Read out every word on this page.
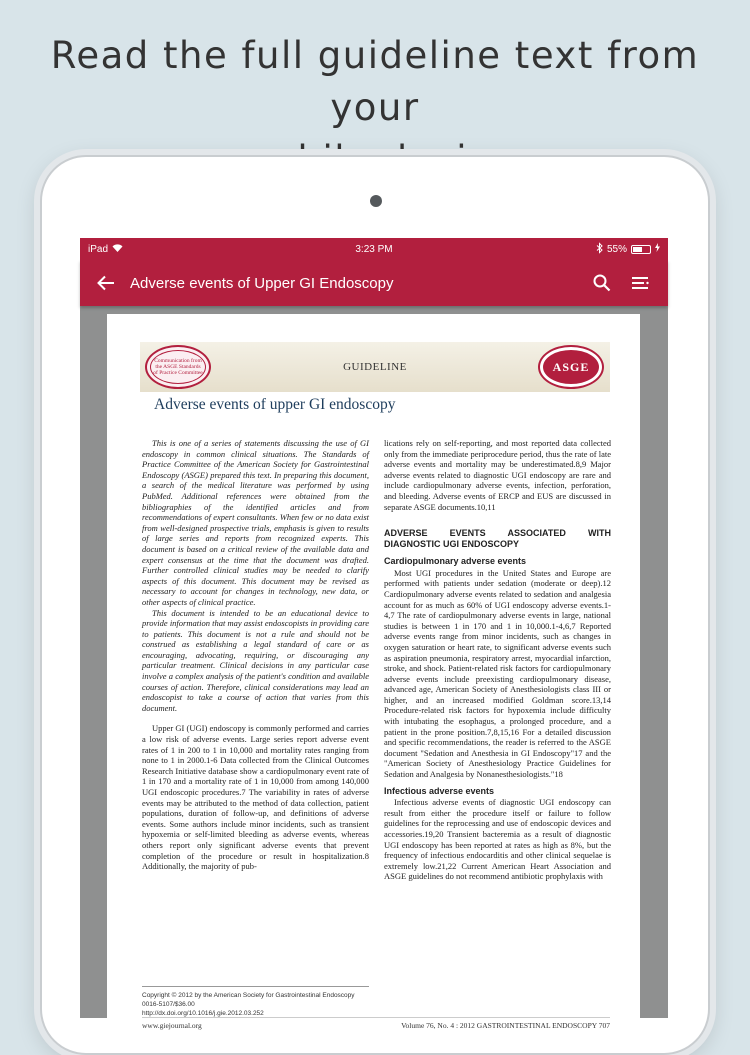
Read the full guideline text from your
iPad	3:23 PM	55%
Adverse events of Upper GI Endoscopy
Communication from the ASGE Standards of Practice Committee	GUIDELINE	ASGE
Adverse events of upper GI endoscopy

This is one of a series of statements discussing the use of GI endoscopy in common clinical situations. The Standards of Practice Committee of the American Society for Gastrointestinal Endoscopy (ASGE) prepared this text. In preparing this document, a search of the medical literature was performed by using PubMed. Additional references were obtained from the bibliographies of the identified articles and from recommendations of expert consultants. When few or no data exist from well-designed prospective trials, emphasis is given to results of large series and reports from recognized experts. This document is based on a critical review of the available data and expert consensus at the time that the document was drafted. Further controlled clinical studies may be needed to clarify aspects of this document. This document may be revised as necessary to account for changes in technology, new data, or other aspects of clinical practice.

This document is intended to be an educational device to provide information that may assist endoscopists in providing care to patients. This document is not a rule and should not be construed as establishing a legal standard of care or as encouraging, advocating, requiring, or discouraging any particular treatment. Clinical decisions in any particular case involve a complex analysis of the patient's condition and available courses of action. Therefore, clinical considerations may lead an endoscopist to take a course of action that varies from this document.

Upper GI (UGI) endoscopy is commonly performed and carries a low risk of adverse events. Large series report adverse event rates of 1 in 200 to 1 in 10,000 and mortality rates ranging from none to 1 in 2000.1-6 Data collected from the Clinical Outcomes Research Initiative database show a cardiopulmonary event rate of 1 in 170 and a mortality rate of 1 in 10,000 from among 140,000 UGI endoscopic procedures.7 The variability in rates of adverse events may be attributed to the method of data collection, patient populations, duration of follow-up, and definitions of adverse events. Some authors include minor incidents, such as transient hypoxemia or self-limited bleeding as adverse events, whereas others report only significant adverse events that prevent completion of the procedure or result in hospitalization.8 Additionally, the majority of pub-

lications rely on self-reporting, and most reported data collected only from the immediate periprocedure period, thus the rate of late adverse events and mortality may be underestimated.8,9 Major adverse events related to diagnostic UGI endoscopy are rare and include cardiopulmonary adverse events, infection, perforation, and bleeding. Adverse events of ERCP and EUS are discussed in separate ASGE documents.10,11

ADVERSE EVENTS ASSOCIATED WITH DIAGNOSTIC UGI ENDOSCOPY
Cardiopulmonary adverse events

Most UGI procedures in the United States and Europe are performed with patients under sedation (moderate or deep).12 Cardiopulmonary adverse events related to sedation and analgesia account for as much as 60% of UGI endoscopy adverse events.1-4,7 The rate of cardiopulmonary adverse events in large, national studies is between 1 in 170 and 1 in 10,000.1-4,6,7 Reported adverse events range from minor incidents, such as changes in oxygen saturation or heart rate, to significant adverse events such as aspiration pneumonia, respiratory arrest, myocardial infarction, stroke, and shock. Patient-related risk factors for cardiopulmonary adverse events include preexisting cardiopulmonary disease, advanced age, American Society of Anesthesiologists class III or higher, and an increased modified Goldman score.13,14 Procedure-related risk factors for hypoxemia include difficulty with intubating the esophagus, a prolonged procedure, and a patient in the prone position.7,8,15,16 For a detailed discussion and specific recommendations, the reader is referred to the ASGE document "Sedation and Anesthesia in GI Endoscopy"17 and the "American Society of Anesthesiology Practice Guidelines for Sedation and Analgesia by Nonanesthesiologists."18

Infectious adverse events

Infectious adverse events of diagnostic UGI endoscopy can result from either the procedure itself or failure to follow guidelines for the reprocessing and use of endoscopic devices and accessories.19,20 Transient bacteremia as a result of diagnostic UGI endoscopy has been reported at rates as high as 8%, but the frequency of infectious endocarditis and other clinical sequelae is extremely low.21,22 Current American Heart Association and ASGE guidelines do not recommend antibiotic prophylaxis with

Copyright © 2012 by the American Society for Gastrointestinal Endoscopy
0016-5107/$36.00
http://dx.doi.org/10.1016/j.gie.2012.03.252
www.giejournal.org	Volume 76, No. 4 : 2012 GASTROINTESTINAL ENDOSCOPY 707
